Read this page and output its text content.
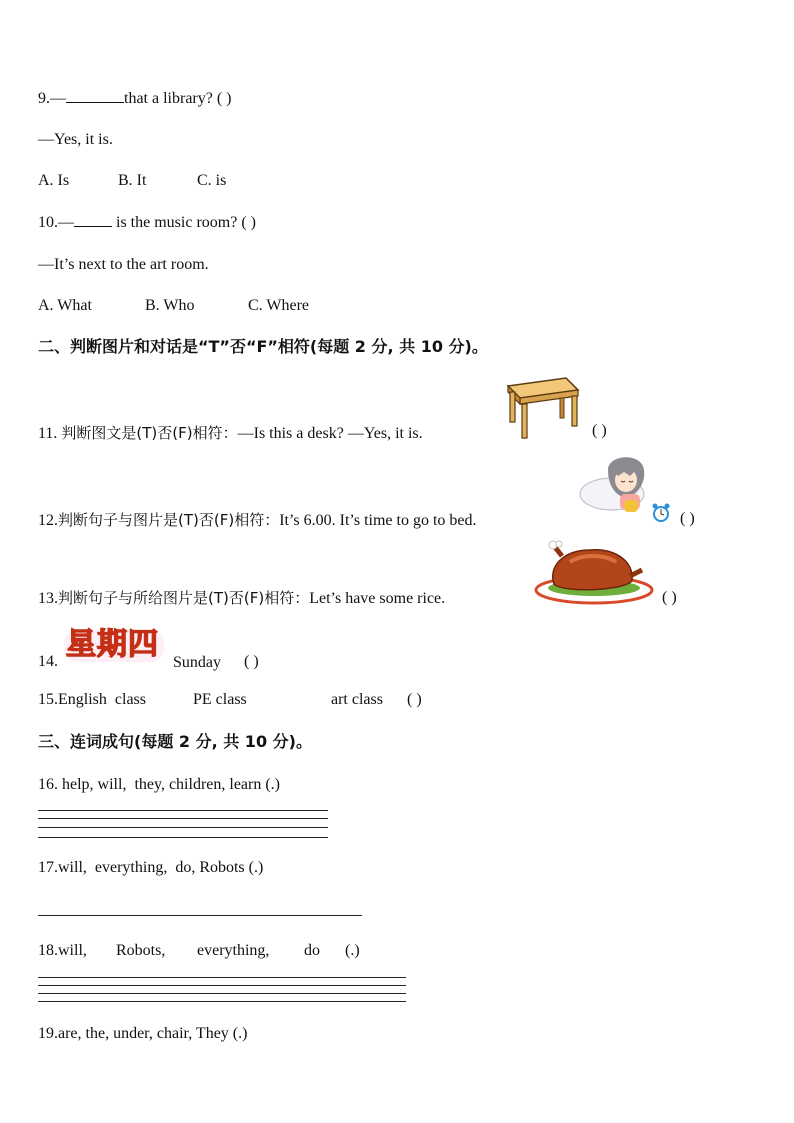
9.—	that a library? ( )
—Yes, it is.
A. Is	B. It	C. is
10.— is the music room? ( )
—It’s next to the art room.
A. What	B. Who	C. Where
二、判断图片和对话是“T”否“F”相符(每题 2 分, 共 10 分)。
11. 判断图文是(T)否(F)相符：—Is this a desk? —Yes, it is.	( )
12.判断句子与图片是(T)否(F)相符：It’s 6.00. It’s time to go to bed.	( )
13.判断句子与所给图片是(T)否(F)相符：Let’s have some rice.	( )
14. 星期四
Sunday ( )
15.English  class	PE class	art class ( )
三、连词成句(每题 2 分, 共 10 分)。
16. help, will,  they, children, learn (.)
17.will,  everything,  do, Robots (.)
18.will, Robots, everything, do (.)
19.are, the, under, chair, They (.)
